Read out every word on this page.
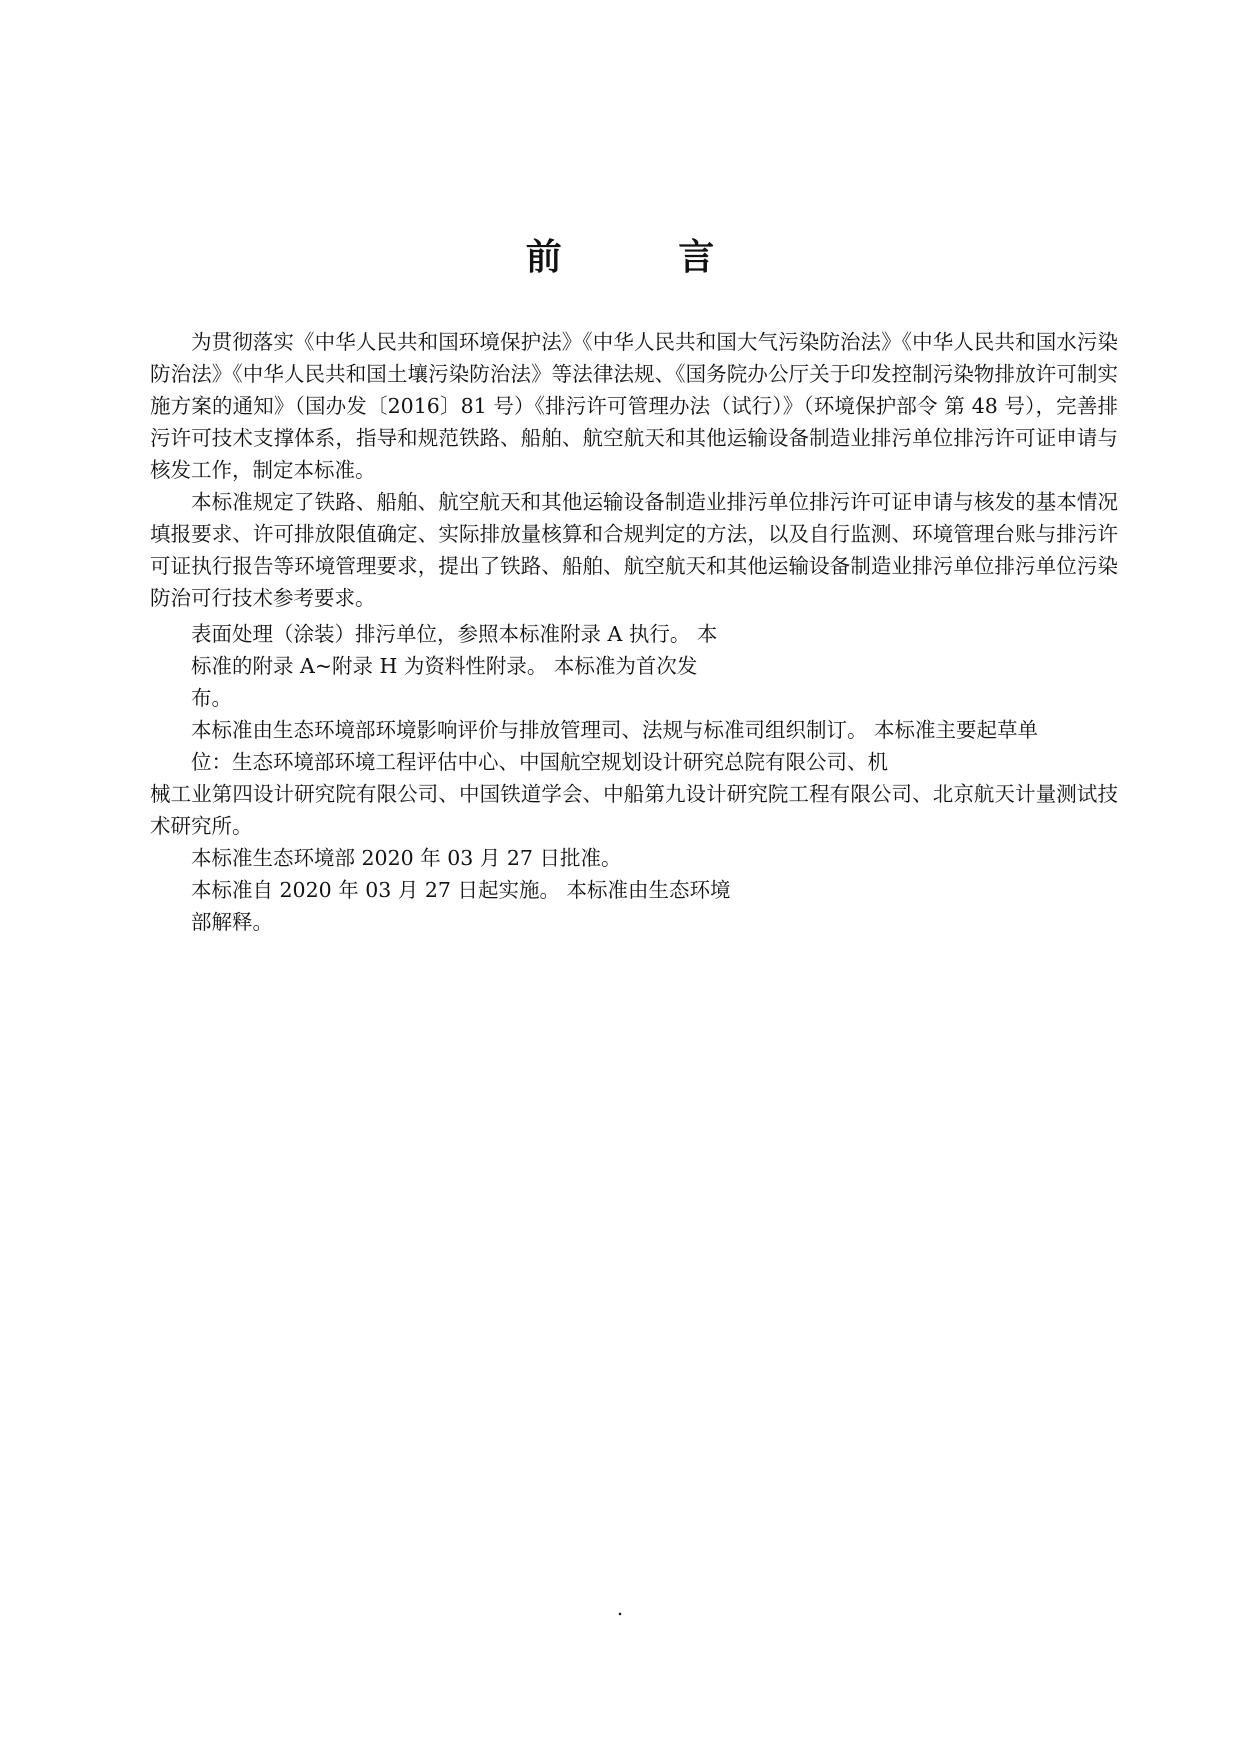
前 言

为贯彻落实《中华人民共和国环境保护法》《中华人民共和国大气污染防治法》《中华人民共和国水污染防治法》《中华人民共和国土壤污染防治法》等法律法规、《国务院办公厅关于印发控制污染物排放许可制实施方案的通知》（国办发〔2016〕81 号）《排污许可管理办法（试行）》（环境保护部令 第 48 号），完善排污许可技术支撑体系，指导和规范铁路、船舶、航空航天和其他运输设备制造业排污单位排污许可证申请与核发工作，制定本标准。

本标准规定了铁路、船舶、航空航天和其他运输设备制造业排污单位排污许可证申请与核发的基本情况填报要求、许可排放限值确定、实际排放量核算和合规判定的方法，以及自行监测、环境管理台账与排污许可证执行报告等环境管理要求，提出了铁路、船舶、航空航天和其他运输设备制造业排污单位排污单位污染防治可行技术参考要求。

表面处理（涂装）排污单位，参照本标准附录 A 执行。 本

标准的附录 A~附录 H 为资料性附录。 本标准为首次发

布。

本标准由生态环境部环境影响评价与排放管理司、法规与标准司组织制订。 本标准主要起草单

位：生态环境部环境工程评估中心、中国航空规划设计研究总院有限公司、机

械工业第四设计研究院有限公司、中国铁道学会、中船第九设计研究院工程有限公司、北京航天计量测试技术研究所。

本标准生态环境部 2020 年 03 月 27 日批准。

本标准自 2020 年 03 月 27 日起实施。 本标准由生态环境

部解释。

.
